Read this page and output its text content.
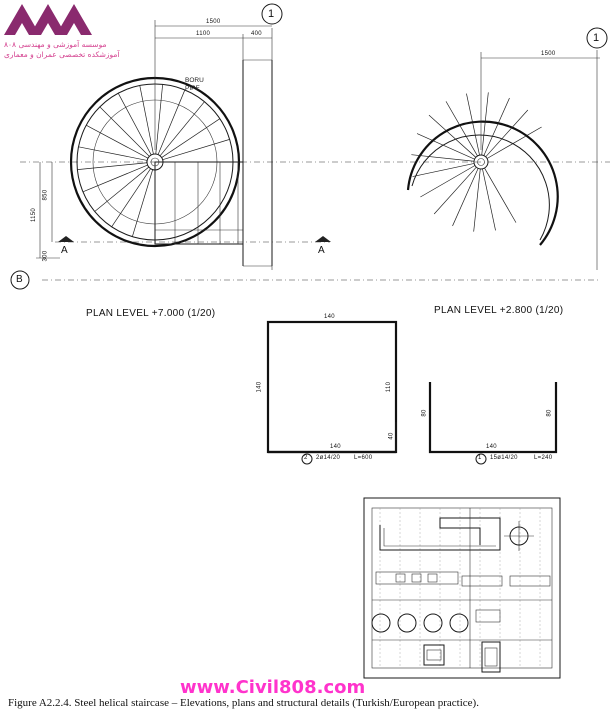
BORU
PIPE
موسسه آموزشی و مهندسی ۸۰۸
آموزشکده تخصصی عمران و معماری
1
1
B
1500
1100	400
1150
850
300
1500
A	A
PLAN LEVEL +7.000 (1/20)	PLAN LEVEL +2.800 (1/20)
140
140	110
40
140
2 2ø14/20 L=600
80	80
140
1 15ø14/20	L=240
www.Civil808.com
Figure A2.2.4. Steel helical staircase – Elevations, plans and structural details (Turkish/European practice).
